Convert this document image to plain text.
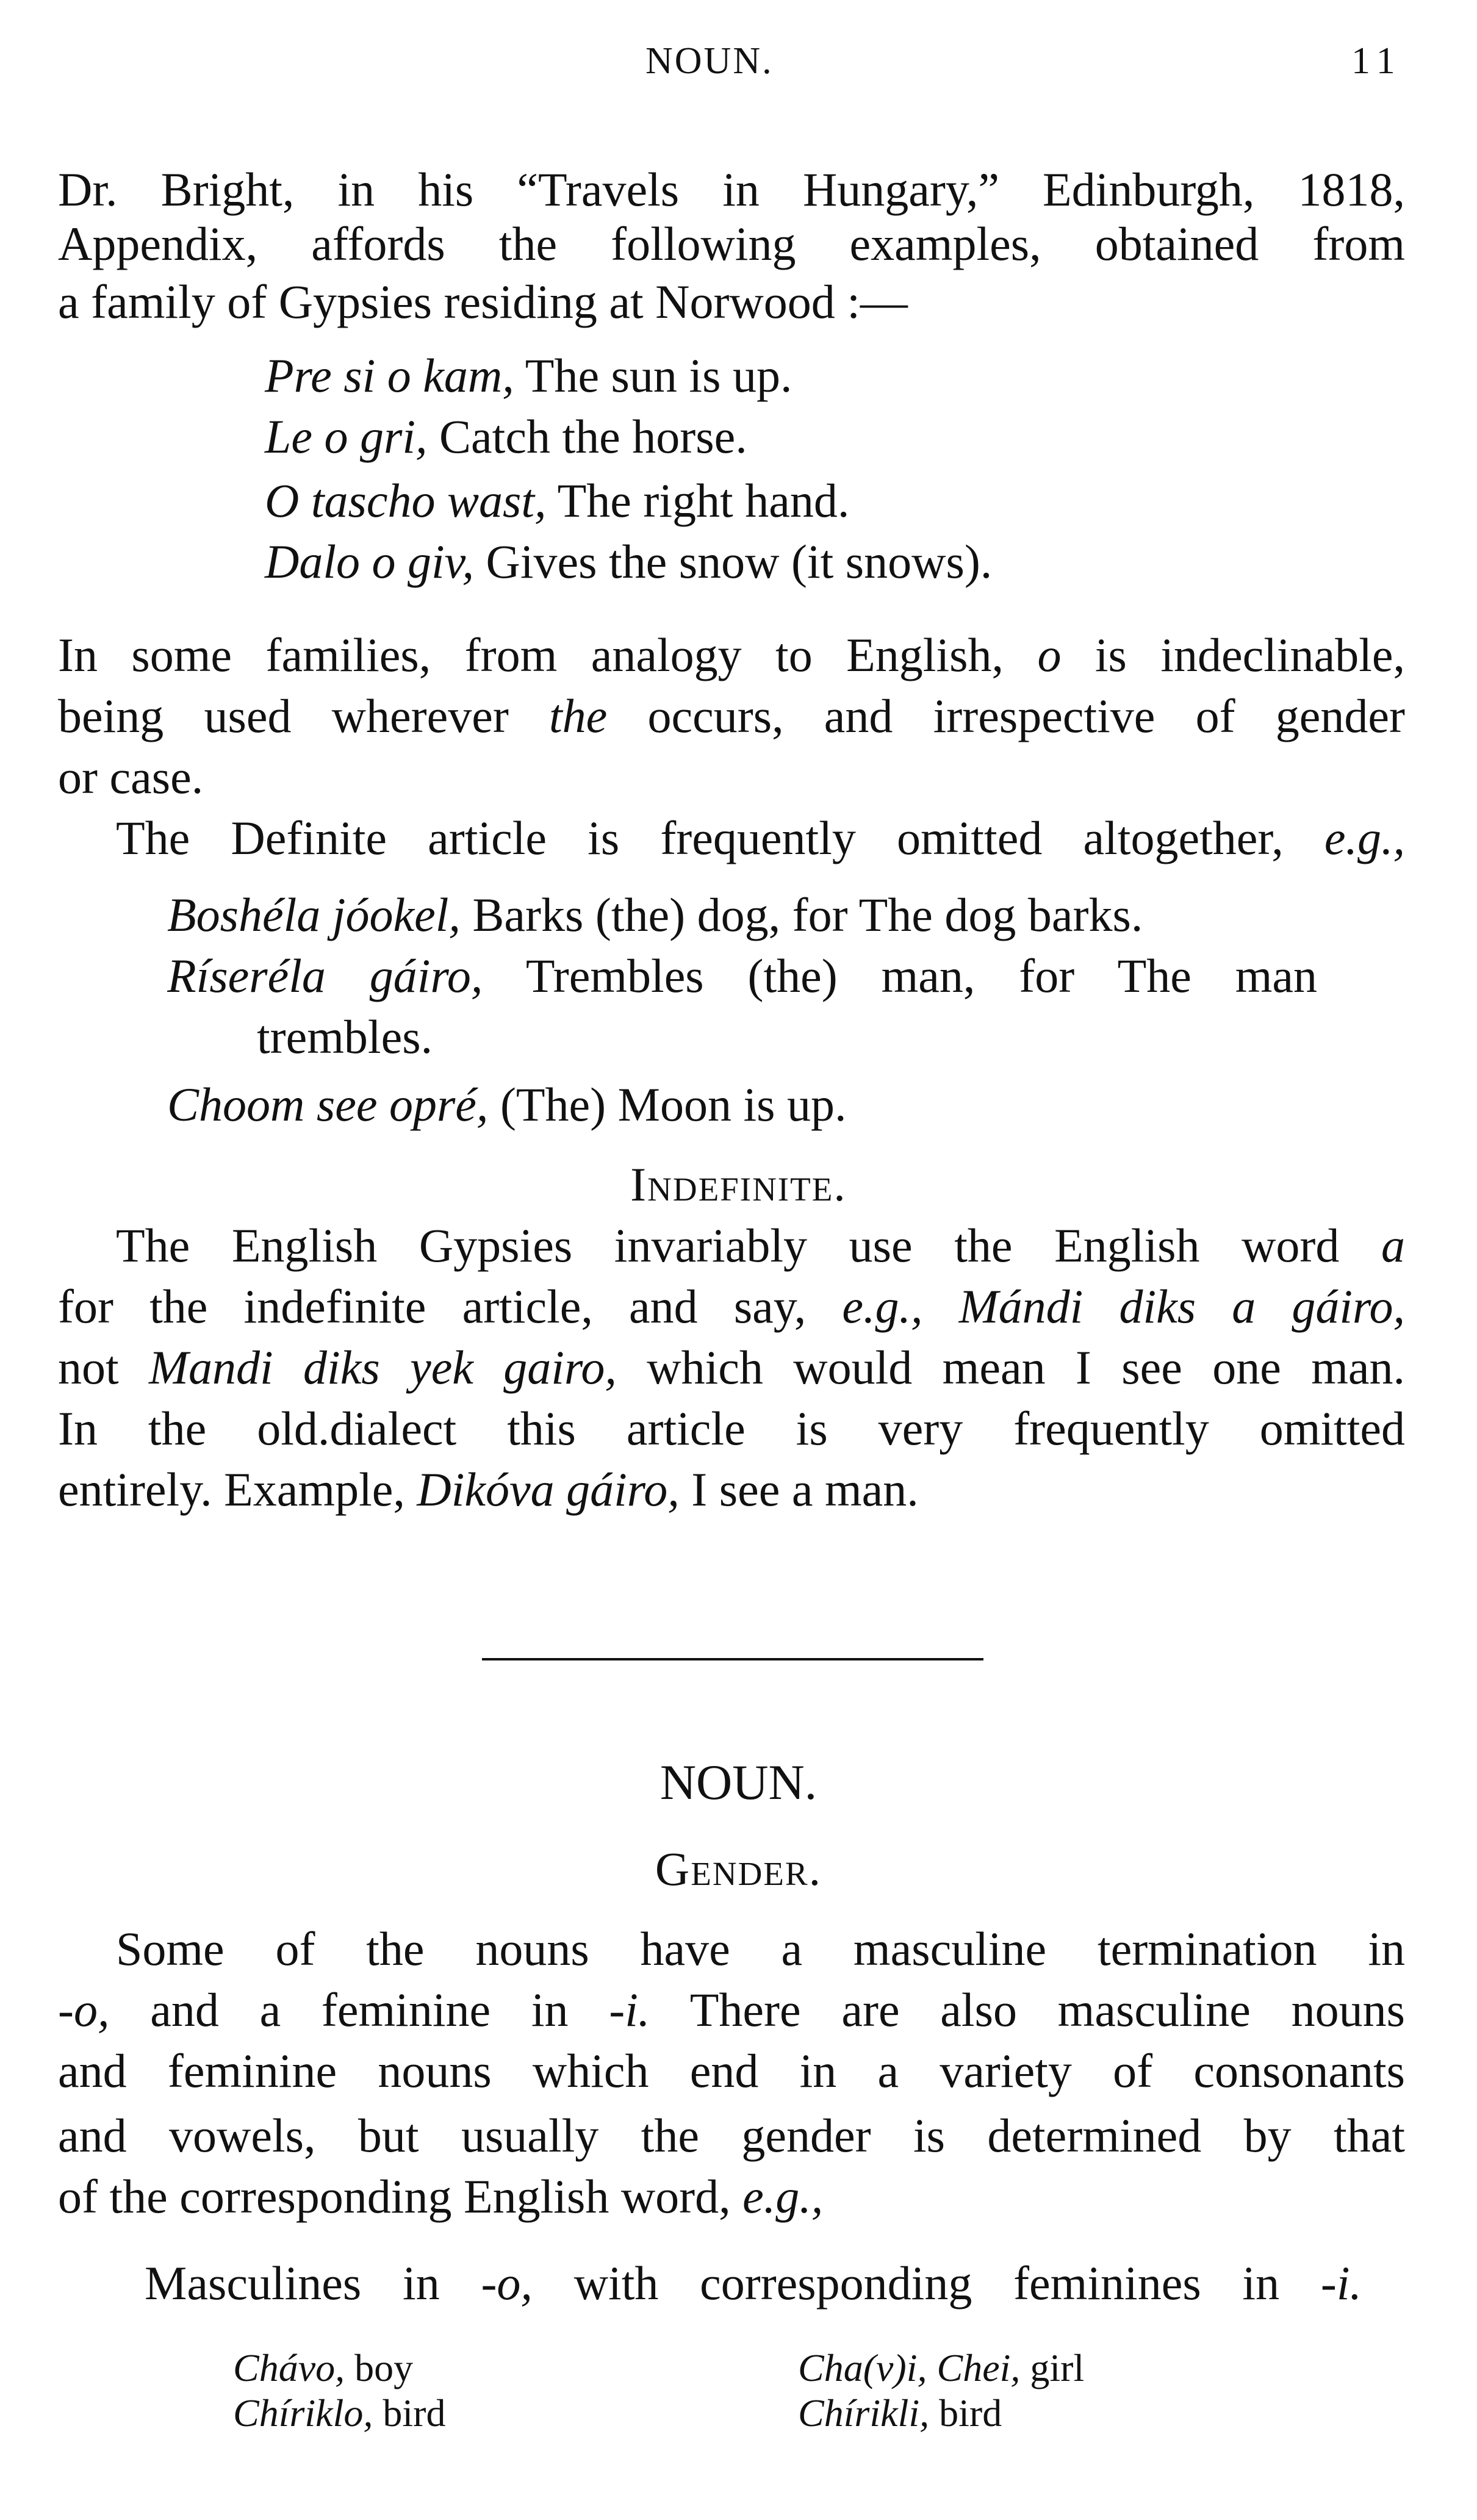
NOUN.	11
Dr. Bright, in his “Travels in Hungary,” Edinburgh, 1818,
Appendix, affords the following examples, obtained from
a family of Gypsies residing at Norwood :—
Pre si o kam, The sun is up.
Le o gri, Catch the horse.
O tascho wast, The right hand.
Dalo o giv, Gives the snow (it snows).
In some families, from analogy to English, o is indeclinable,
being used wherever the occurs, and irrespective of gender
or case.
The Definite article is frequently omitted altogether, e.g.,
Boshéla jóokel, Barks (the) dog, for The dog barks.
Ríseréla gáiro, Trembles (the) man, for The man
trembles.
Choom see opré, (The) Moon is up.
Indefinite.
The English Gypsies invariably use the English word a
for the indefinite article, and say, e.g., Mándi diks a gáiro,
not Mandi diks yek gairo, which would mean I see one man.
In the old.dialect this article is very frequently omitted
entirely. Example, Dikóva gáiro, I see a man.
NOUN.
Gender.
Some of the nouns have a masculine termination in
-o, and a feminine in -i. There are also masculine nouns
and feminine nouns which end in a variety of consonants
and vowels, but usually the gender is determined by that
of the corresponding English word, e.g.,
Masculines in -o, with corresponding feminines in -i.
Chávo, boy	Cha(v)i, Chei, girl
Chíriklo, bird	Chírikli, bird
